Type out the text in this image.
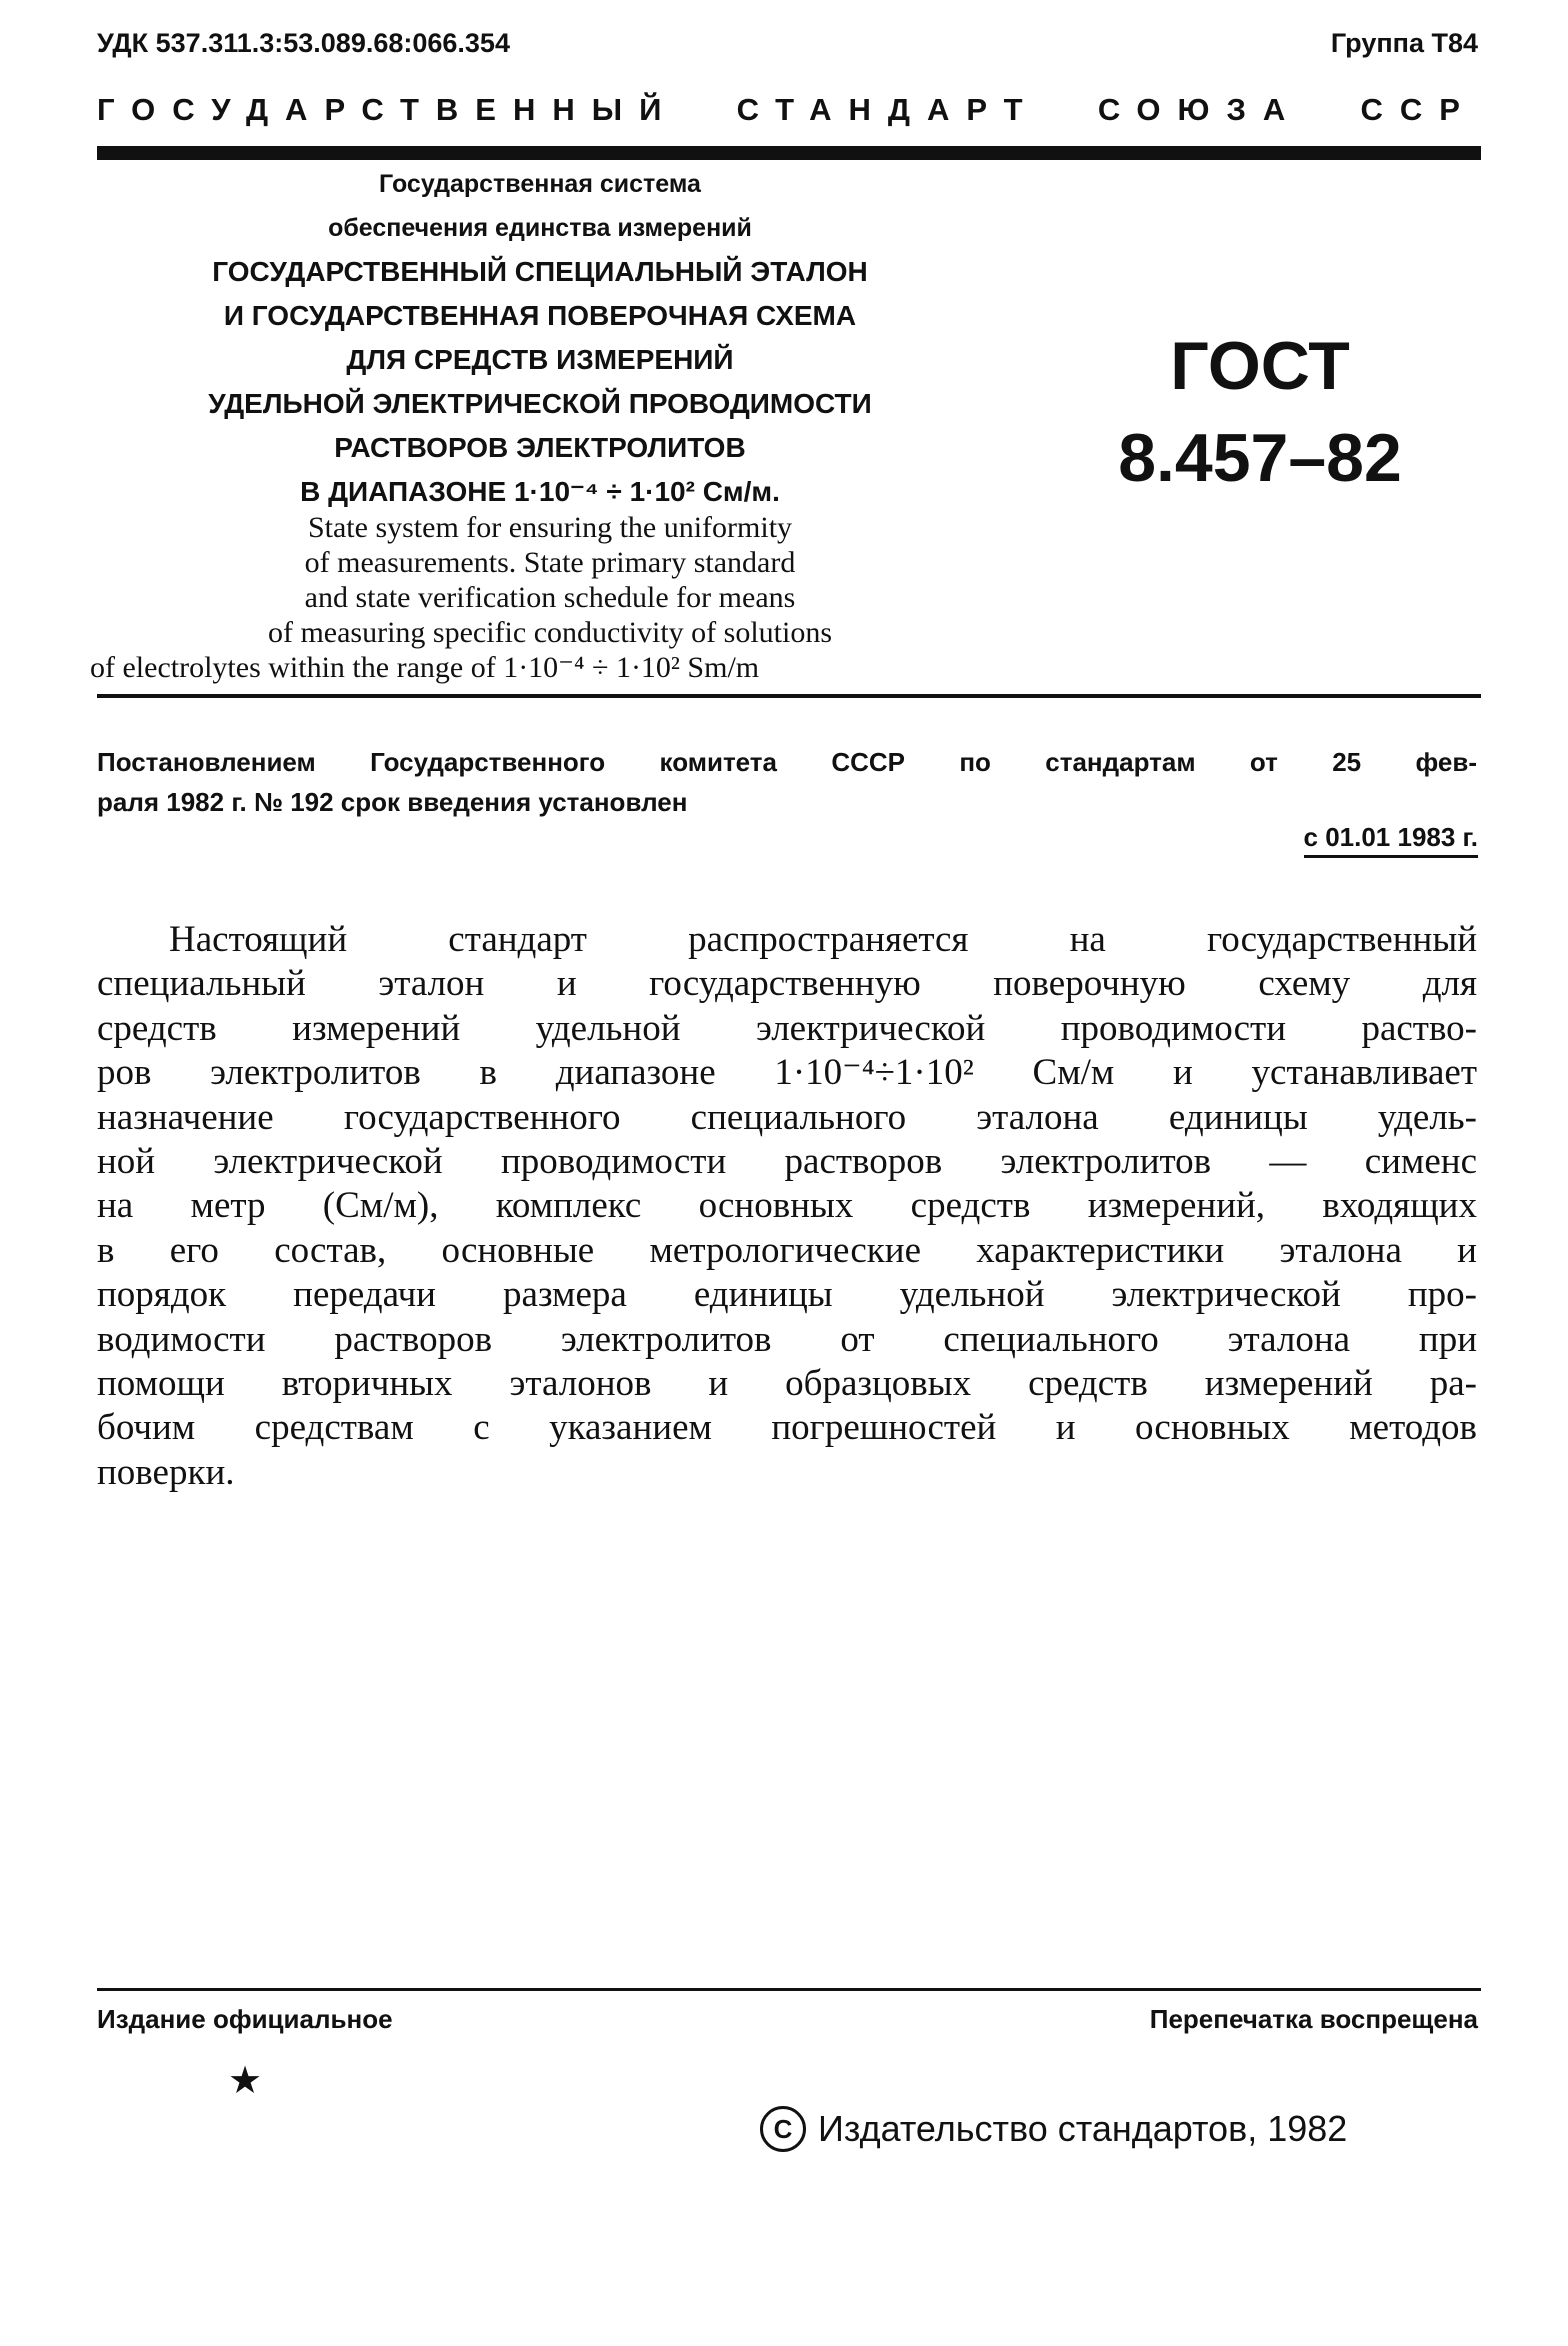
УДК 537.311.3:53.089.68:066.354	Группа Т84
ГОСУДАРСТВЕННЫЙ СТАНДАРТ СОЮЗА ССР
Государственная система
обеспечения единства измерений
ГОСУДАРСТВЕННЫЙ СПЕЦИАЛЬНЫЙ ЭТАЛОН
И ГОСУДАРСТВЕННАЯ ПОВЕРОЧНАЯ СХЕМА
ДЛЯ СРЕДСТВ ИЗМЕРЕНИЙ
УДЕЛЬНОЙ ЭЛЕКТРИЧЕСКОЙ ПРОВОДИМОСТИ
РАСТВОРОВ ЭЛЕКТРОЛИТОВ
В ДИАПАЗОНЕ 1·10⁻⁴ ÷ 1·10² См/м.
ГОСТ
8.457–82
State system for ensuring the uniformity
of measurements. State primary standard
and state verification schedule for means
of measuring specific conductivity of solutions
of electrolytes within the range of 1·10⁻⁴ ÷ 1·10² Sm/m
Постановлением Государственного комитета СССР по стандартам от 25 фев-
раля 1982 г. № 192 срок введения установлен
с 01.01 1983 г.
Настоящий стандарт распространяется на государственный
специальный эталон и государственную поверочную схему для
средств измерений удельной электрической проводимости раство-
ров электролитов в диапазоне 1·10⁻⁴÷1·10² См/м и устанавливает
назначение государственного специального эталона единицы удель-
ной электрической проводимости растворов электролитов — сименс
на метр (См/м), комплекс основных средств измерений, входящих
в его состав, основные метрологические характеристики эталона и
порядок передачи размера единицы удельной электрической про-
водимости растворов электролитов от специального эталона при
помощи вторичных эталонов и образцовых средств измерений ра-
бочим средствам с указанием погрешностей и основных методов
поверки.
Издание официальное	Перепечатка воспрещена
★
C Издательство стандартов, 1982
